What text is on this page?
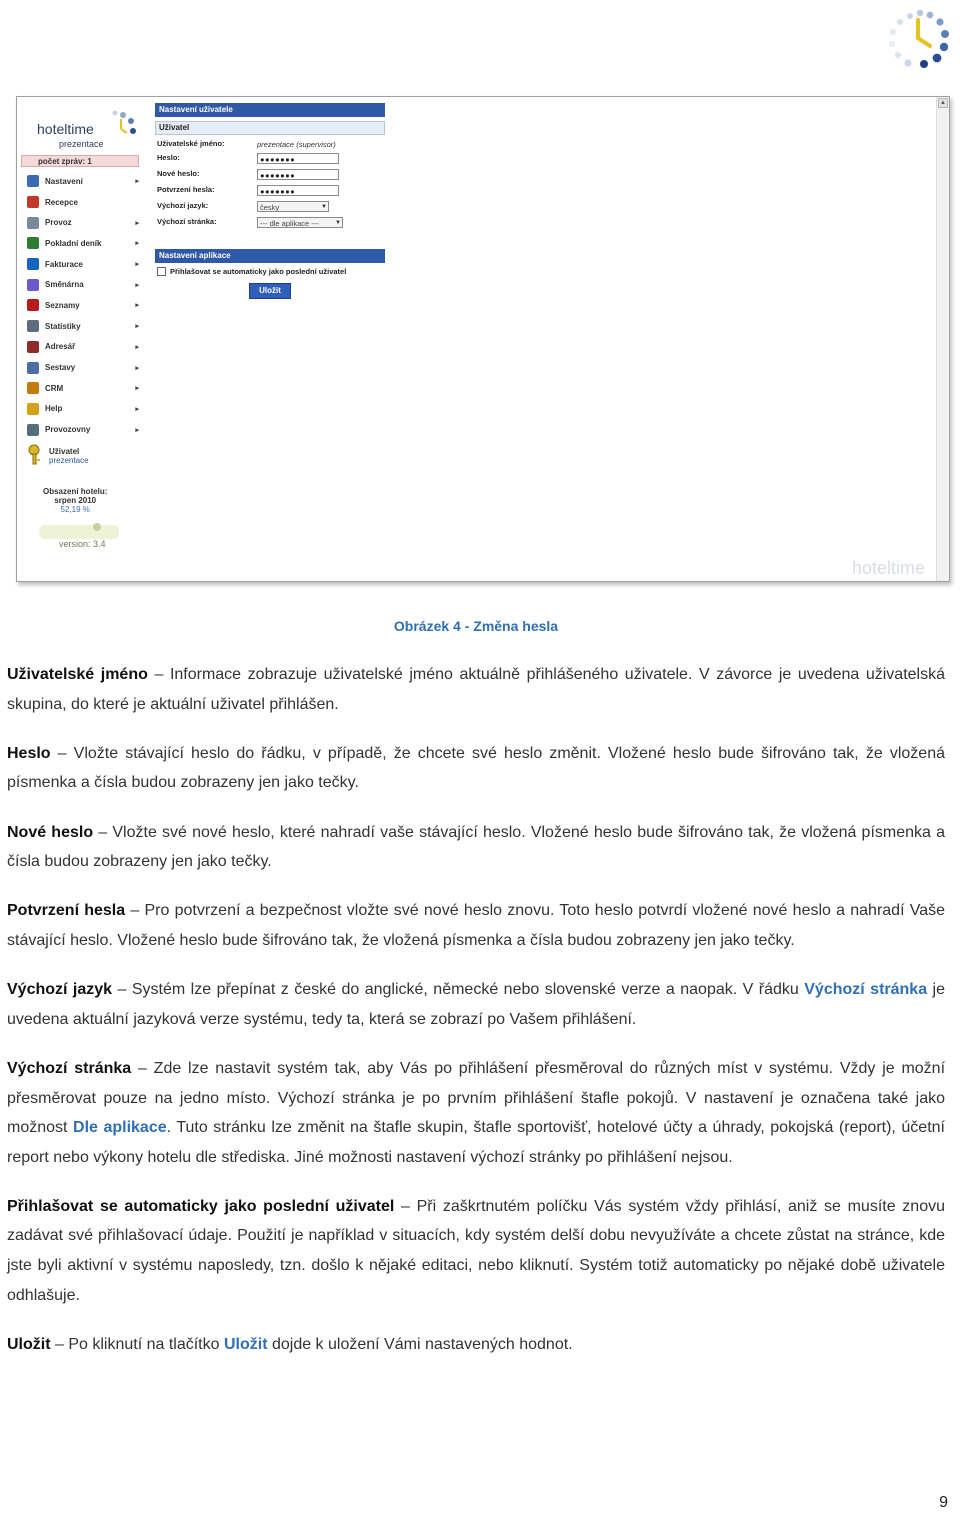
hoteltime
prezentace
počet zpráv: 1
Nastavení	▸
Recepce
Provoz	▸
Pokladní deník	▸
Fakturace	▸
Směnárna	▸
Seznamy	▸
Statistiky	▸
Adresář	▸
Sestavy	▸
CRM	▸
Help	▸
Provozovny	▸
Uživatel
prezentace
Obsazení hotelu:
srpen 2010
52,19 %
version: 3.4
Nastavení uživatele
Uživatel
Uživatelské jméno:	prezentace (supervisor)
Heslo:	●●●●●●●
Nové heslo:	●●●●●●●
Potvrzení hesla:	●●●●●●●
Výchozí jazyk:	česky	▼
Výchozí stránka:	--- dle aplikace ---	▼
Nastavení aplikace
Přihlašovat se automaticky jako poslední uživatel
Uložit
hoteltime
▲
Obrázek 4 - Změna hesla

Uživatelské jméno – Informace zobrazuje uživatelské jméno aktuálně přihlášeného uživatele. V závorce je uvedena uživatelská skupina, do které je aktuální uživatel přihlášen.

Heslo – Vložte stávající heslo do řádku, v případě, že chcete své heslo změnit. Vložené heslo bude šifrováno tak, že vložená písmenka a čísla budou zobrazeny jen jako tečky.

Nové heslo – Vložte své nové heslo, které nahradí vaše stávající heslo. Vložené heslo bude šifrováno tak, že vložená písmenka a čísla budou zobrazeny jen jako tečky.

Potvrzení hesla – Pro potvrzení a bezpečnost vložte své nové heslo znovu. Toto heslo potvrdí vložené nové heslo a nahradí Vaše stávající heslo. Vložené heslo bude šifrováno tak, že vložená písmenka a čísla budou zobrazeny jen jako tečky.

Výchozí jazyk – Systém lze přepínat z české do anglické, německé nebo slovenské verze a naopak. V řádku Výchozí stránka je uvedena aktuální jazyková verze systému, tedy ta, která se zobrazí po Vašem přihlášení.

Výchozí stránka – Zde lze nastavit systém tak, aby Vás po přihlášení přesměroval do různých míst v systému. Vždy je možní přesměrovat pouze na jedno místo. Výchozí stránka je po prvním přihlášení štafle pokojů. V nastavení je označena také jako možnost Dle aplikace. Tuto stránku lze změnit na štafle skupin, štafle sportovišť, hotelové účty a úhrady, pokojská (report), účetní report nebo výkony hotelu dle střediska. Jiné možnosti nastavení výchozí stránky po přihlášení nejsou.

Přihlašovat se automaticky jako poslední uživatel – Při zaškrtnutém políčku Vás systém vždy přihlásí, aniž se musíte znovu zadávat své přihlašovací údaje. Použití je například v situacích, kdy systém delší dobu nevyužíváte a chcete zůstat na stránce, kde jste byli aktivní v systému naposledy, tzn. došlo k nějaké editaci, nebo kliknutí. Systém totiž automaticky po nějaké době uživatele odhlašuje.

Uložit – Po kliknutí na tlačítko Uložit dojde k uložení Vámi nastavených hodnot.

9
